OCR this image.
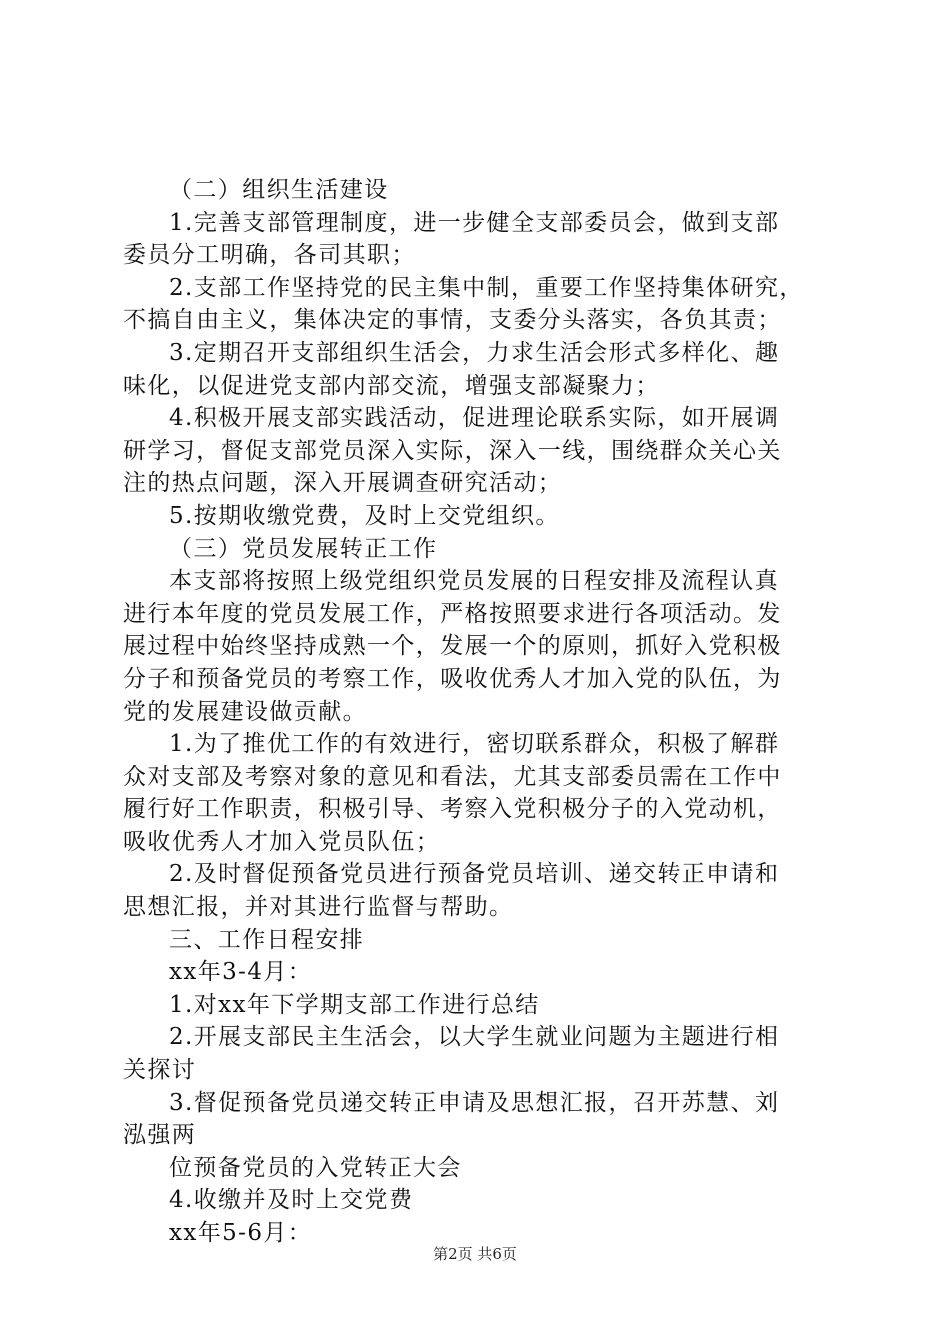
（二）组织生活建设
1.完善支部管理制度，进一步健全支部委员会，做到支部
委员分工明确，各司其职；
2.支部工作坚持党的民主集中制，重要工作坚持集体研究，
不搞自由主义，集体决定的事情，支委分头落实，各负其责；
3.定期召开支部组织生活会，力求生活会形式多样化、趣
味化，以促进党支部内部交流，增强支部凝聚力；
4.积极开展支部实践活动，促进理论联系实际，如开展调
研学习，督促支部党员深入实际，深入一线，围绕群众关心关
注的热点问题，深入开展调查研究活动；
5.按期收缴党费，及时上交党组织。
（三）党员发展转正工作
本支部将按照上级党组织党员发展的日程安排及流程认真
进行本年度的党员发展工作，严格按照要求进行各项活动。发
展过程中始终坚持成熟一个，发展一个的原则，抓好入党积极
分子和预备党员的考察工作，吸收优秀人才加入党的队伍，为
党的发展建设做贡献。
1.为了推优工作的有效进行，密切联系群众，积极了解群
众对支部及考察对象的意见和看法，尤其支部委员需在工作中
履行好工作职责，积极引导、考察入党积极分子的入党动机，
吸收优秀人才加入党员队伍；
2.及时督促预备党员进行预备党员培训、递交转正申请和
思想汇报，并对其进行监督与帮助。
三、工作日程安排
xx年3-4月：
1.对xx年下学期支部工作进行总结
2.开展支部民主生活会，以大学生就业问题为主题进行相
关探讨
3.督促预备党员递交转正申请及思想汇报，召开苏慧、刘
泓强两
位预备党员的入党转正大会
4.收缴并及时上交党费
xx年5-6月：
第2页 共6页
